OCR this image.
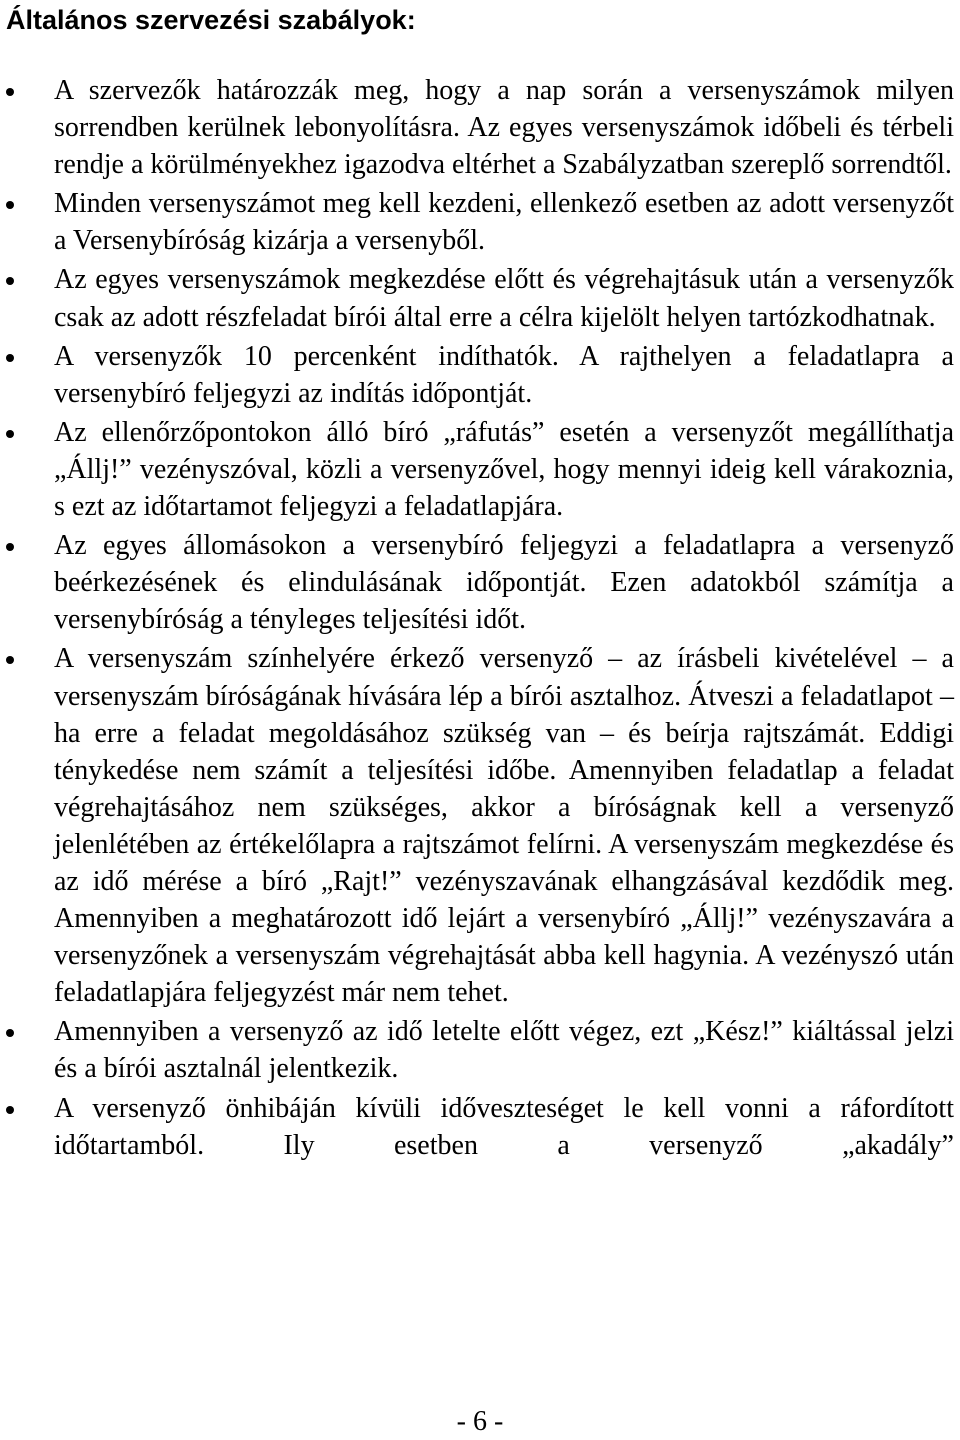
Általános szervezési szabályok:
A szervezők határozzák meg, hogy a nap során a versenyszámok milyen sorrendben kerülnek lebonyolításra. Az egyes versenyszámok időbeli és térbeli rendje a körülményekhez igazodva eltérhet a Szabályzatban szereplő sorrendtől.
Minden versenyszámot meg kell kezdeni, ellenkező esetben az adott versenyzőt a Versenybíróság kizárja a versenyből.
Az egyes versenyszámok megkezdése előtt és végrehajtásuk után a versenyzők csak az adott részfeladat bírói által erre a célra kijelölt helyen tartózkodhatnak.
A versenyzők 10 percenként indíthatók. A rajthelyen a feladatlapra a versenybíró feljegyzi az indítás időpontját.
Az ellenőrzőpontokon álló bíró „ráfutás” esetén a versenyzőt megállíthatja „Állj!” vezényszóval, közli a versenyzővel, hogy mennyi ideig kell várakoznia, s ezt az időtartamot feljegyzi a feladatlapjára.
Az egyes állomásokon a versenybíró feljegyzi a feladatlapra a versenyző beérkezésének és elindulásának időpontját. Ezen adatokból számítja a versenybíróság a tényleges teljesítési időt.
A versenyszám színhelyére érkező versenyző – az írásbeli kivételével – a versenyszám bíróságának hívására lép a bírói asztalhoz. Átveszi a feladatlapot – ha erre a feladat megoldásához szükség van – és beírja rajtszámát. Eddigi ténykedése nem számít a teljesítési időbe. Amennyiben feladatlap a feladat végrehajtásához nem szükséges, akkor a bíróságnak kell a versenyző jelenlétében az értékelőlapra a rajtszámot felírni. A versenyszám megkezdése és az idő mérése a bíró „Rajt!” vezényszavának elhangzásával kezdődik meg. Amennyiben a meghatározott idő lejárt a versenybíró „Állj!” vezényszavára a versenyzőnek a versenyszám végrehajtását abba kell hagynia. A vezényszó után feladatlapjára feljegyzést már nem tehet.
Amennyiben a versenyző az idő letelte előtt végez, ezt „Kész!” kiáltással jelzi és a bírói asztalnál jelentkezik.
A versenyző önhibáján kívüli időveszteséget le kell vonni a ráfordított időtartamból. Ily esetben a versenyző „akadály”
- 6 -
